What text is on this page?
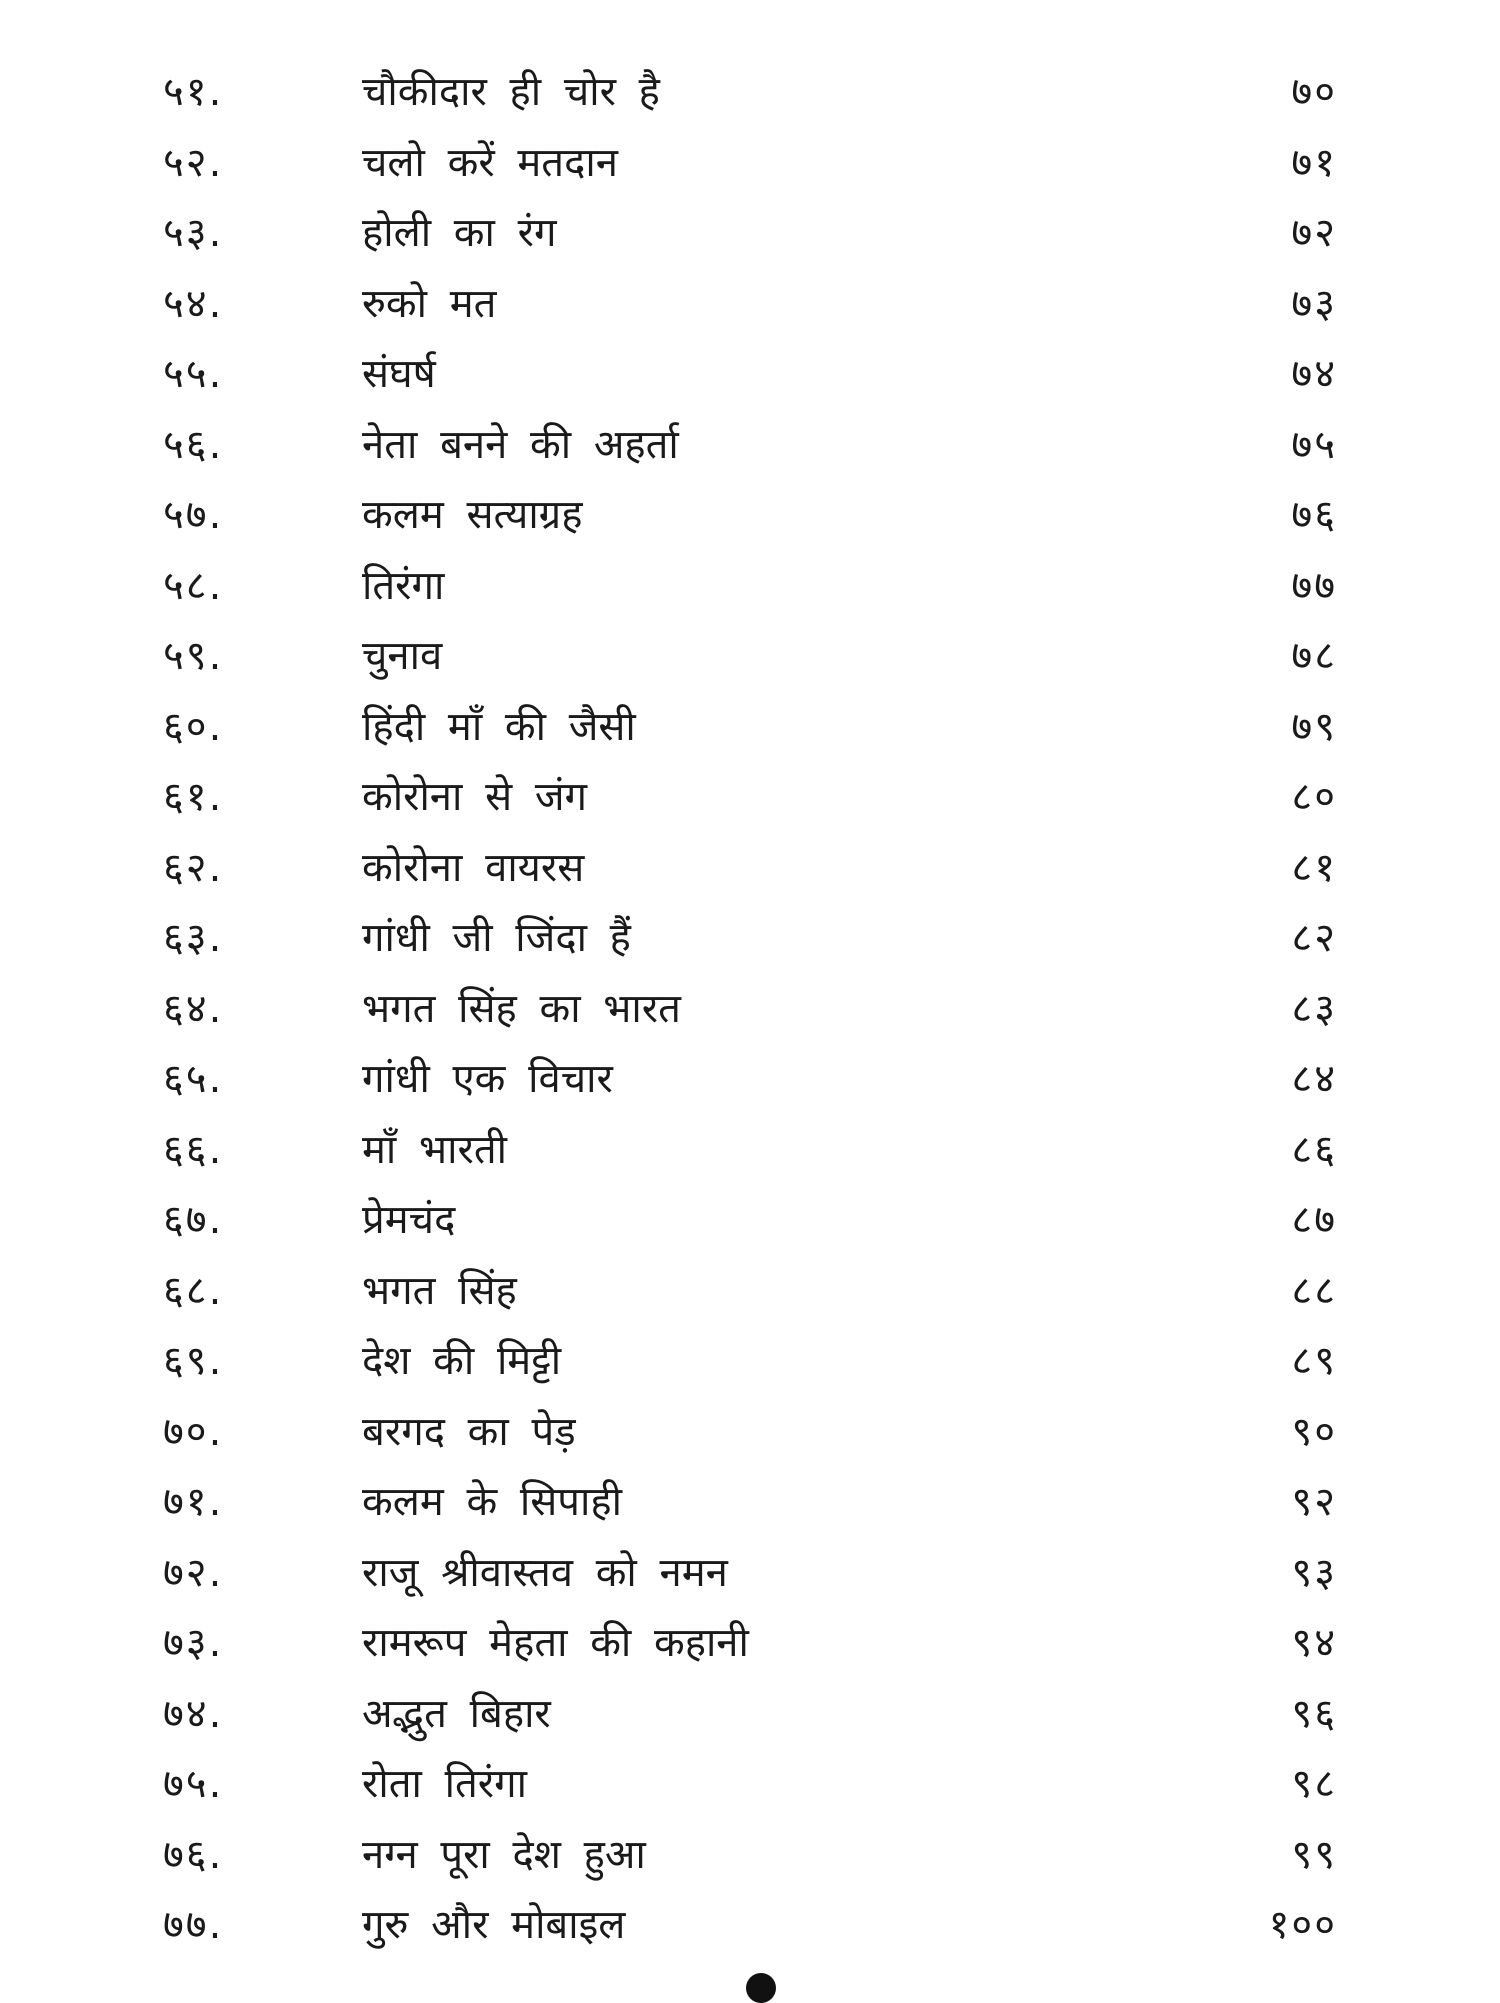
५१.	चौकीदार ही चोर है	७०
५२.	चलो करें मतदान	७१
५३.	होली का रंग	७२
५४.	रुको मत	७३
५५.	संघर्ष	७४
५६.	नेता बनने की अहर्ता	७५
५७.	कलम सत्याग्रह	७६
५८.	तिरंगा	७७
५९.	चुनाव	७८
६०.	हिंदी माँ की जैसी	७९
६१.	कोरोना से जंग	८०
६२.	कोरोना वायरस	८१
६३.	गांधी जी जिंदा हैं	८२
६४.	भगत सिंह का भारत	८३
६५.	गांधी एक विचार	८४
६६.	माँ भारती	८६
६७.	प्रेमचंद	८७
६८.	भगत सिंह	८८
६९.	देश की मिट्टी	८९
७०.	बरगद का पेड़	९०
७१.	कलम के सिपाही	९२
७२.	राजू श्रीवास्तव को नमन	९३
७३.	रामरूप मेहता की कहानी	९४
७४.	अद्भुत बिहार	९६
७५.	रोता तिरंगा	९८
७६.	नग्न पूरा देश हुआ	९९
७७.	गुरु और मोबाइल	१००
